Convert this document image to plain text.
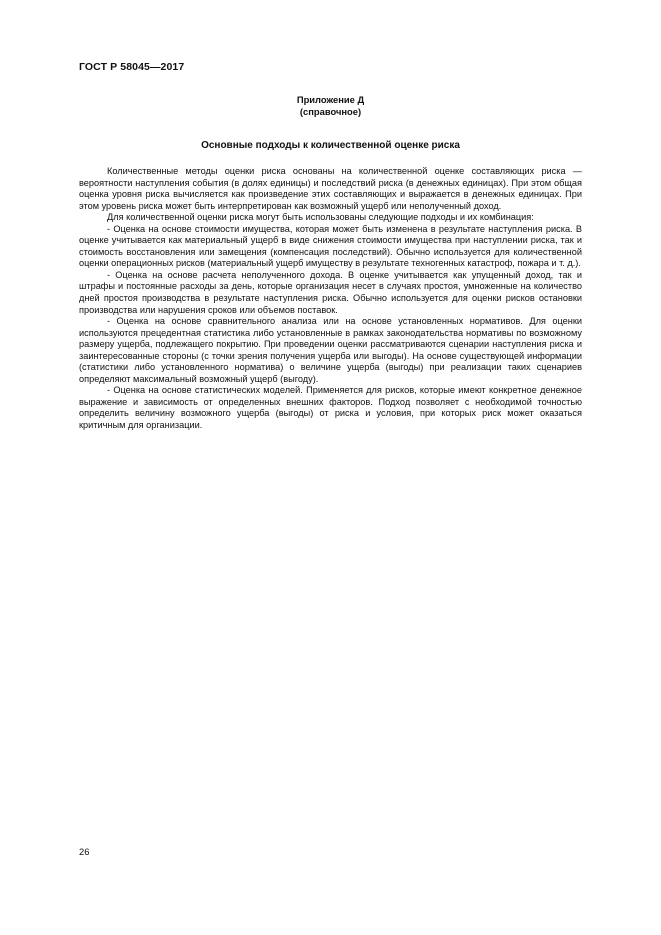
ГОСТ Р 58045—2017
Приложение Д
(справочное)
Основные подходы к количественной оценке риска

Количественные методы оценки риска основаны на количественной оценке составляющих риска — вероятности наступления события (в долях единицы) и последствий риска (в денежных единицах). При этом общая оценка уровня риска вычисляется как произведение этих составляющих и выражается в денежных единицах. При этом уровень риска может быть интерпретирован как возможный ущерб или неполученный доход.

Для количественной оценки риска могут быть использованы следующие подходы и их комбинация:

- Оценка на основе стоимости имущества, которая может быть изменена в результате наступления риска. В оценке учитывается как материальный ущерб в виде снижения стоимости имущества при наступлении риска, так и стоимость восстановления или замещения (компенсация последствий). Обычно используется для количественной оценки операционных рисков (материальный ущерб имуществу в результате техногенных катастроф, пожара и т. д.).

- Оценка на основе расчета неполученного дохода. В оценке учитывается как упущенный доход, так и штрафы и постоянные расходы за день, которые организация несет в случаях простоя, умноженные на количество дней простоя производства в результате наступления риска. Обычно используется для оценки рисков остановки производства или нарушения сроков или объемов поставок.

- Оценка на основе сравнительного анализа или на основе установленных нормативов. Для оценки используются прецедентная статистика либо установленные в рамках законодательства нормативы по возможному размеру ущерба, подлежащего покрытию. При проведении оценки рассматриваются сценарии наступления риска и заинтересованные стороны (с точки зрения получения ущерба или выгоды). На основе существующей информации (статистики либо установленного норматива) о величине ущерба (выгоды) при реализации таких сценариев определяют максимальный возможный ущерб (выгоду).

- Оценка на основе статистических моделей. Применяется для рисков, которые имеют конкретное денежное выражение и зависимость от определенных внешних факторов. Подход позволяет с необходимой точностью определить величину возможного ущерба (выгоды) от риска и условия, при которых риск может оказаться критичным для организации.

26
